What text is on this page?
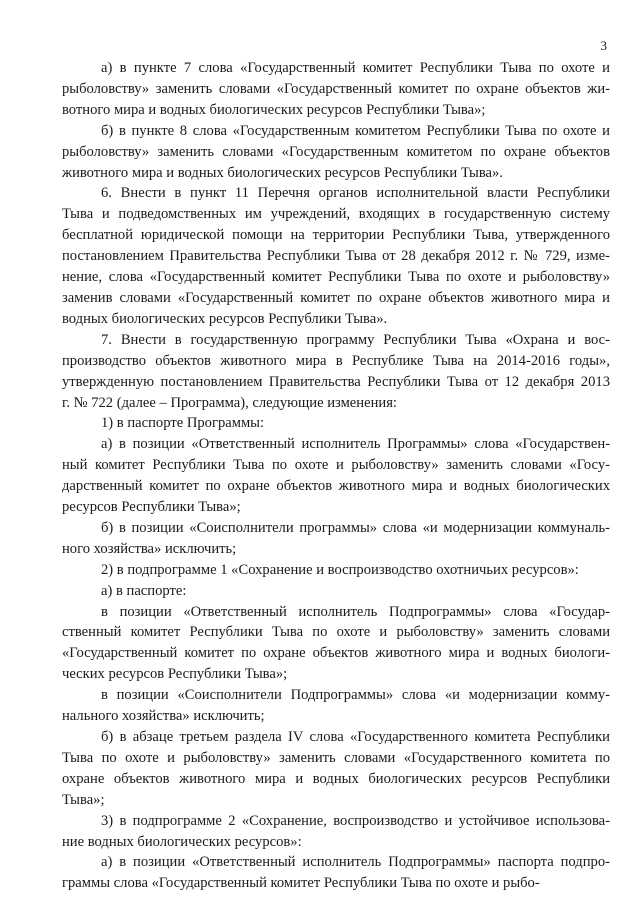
3

а) в пункте 7 слова «Государственный комитет Республики Тыва по охоте и
рыболовству» заменить словами «Государственный комитет по охране объектов жи-
вотного мира и водных биологических ресурсов Республики Тыва»;

б) в пункте 8 слова «Государственным комитетом Республики Тыва по охоте и
рыболовству» заменить словами «Государственным комитетом по охране объектов
животного мира и водных биологических ресурсов Республики Тыва».

6. Внести в пункт 11 Перечня органов исполнительной власти Республики
Тыва и подведомственных им учреждений, входящих в государственную систему
бесплатной юридической помощи на территории Республики Тыва, утвержденного
постановлением Правительства Республики Тыва от 28 декабря 2012 г. № 729, изме-
нение, слова «Государственный комитет Республики Тыва по охоте и рыболовству»
заменив словами «Государственный комитет по охране объектов животного мира и
водных биологических ресурсов Республики Тыва».

7. Внести в государственную программу Республики Тыва «Охрана и вос-
производство объектов животного мира в Республике Тыва на 2014-2016 годы»,
утвержденную постановлением Правительства Республики Тыва от 12 декабря 2013
г. № 722 (далее – Программа), следующие изменения:

1) в паспорте Программы:

а) в позиции «Ответственный исполнитель Программы» слова «Государствен-
ный комитет Республики Тыва по охоте и рыболовству» заменить словами «Госу-
дарственный комитет по охране объектов животного мира и водных биологических
ресурсов Республики Тыва»;

б) в позиции «Соисполнители программы» слова «и модернизации коммуналь-
ного хозяйства» исключить;

2) в подпрограмме 1 «Сохранение и воспроизводство охотничьих ресурсов»:

а) в паспорте:

в позиции «Ответственный исполнитель Подпрограммы» слова «Государ-
ственный комитет Республики Тыва по охоте и рыболовству» заменить словами
«Государственный комитет по охране объектов животного мира и водных биологи-
ческих ресурсов Республики Тыва»;

в позиции «Соисполнители Подпрограммы» слова «и модернизации комму-
нального хозяйства» исключить;

б) в абзаце третьем раздела IV слова «Государственного комитета Республики
Тыва по охоте и рыболовству» заменить словами «Государственного комитета по
охране объектов животного мира и водных биологических ресурсов Республики
Тыва»;

3) в подпрограмме 2 «Сохранение, воспроизводство и устойчивое использова-
ние водных биологических ресурсов»:

а) в позиции «Ответственный исполнитель Подпрограммы» паспорта подпро-
граммы слова «Государственный комитет Республики Тыва по охоте и рыбо-
